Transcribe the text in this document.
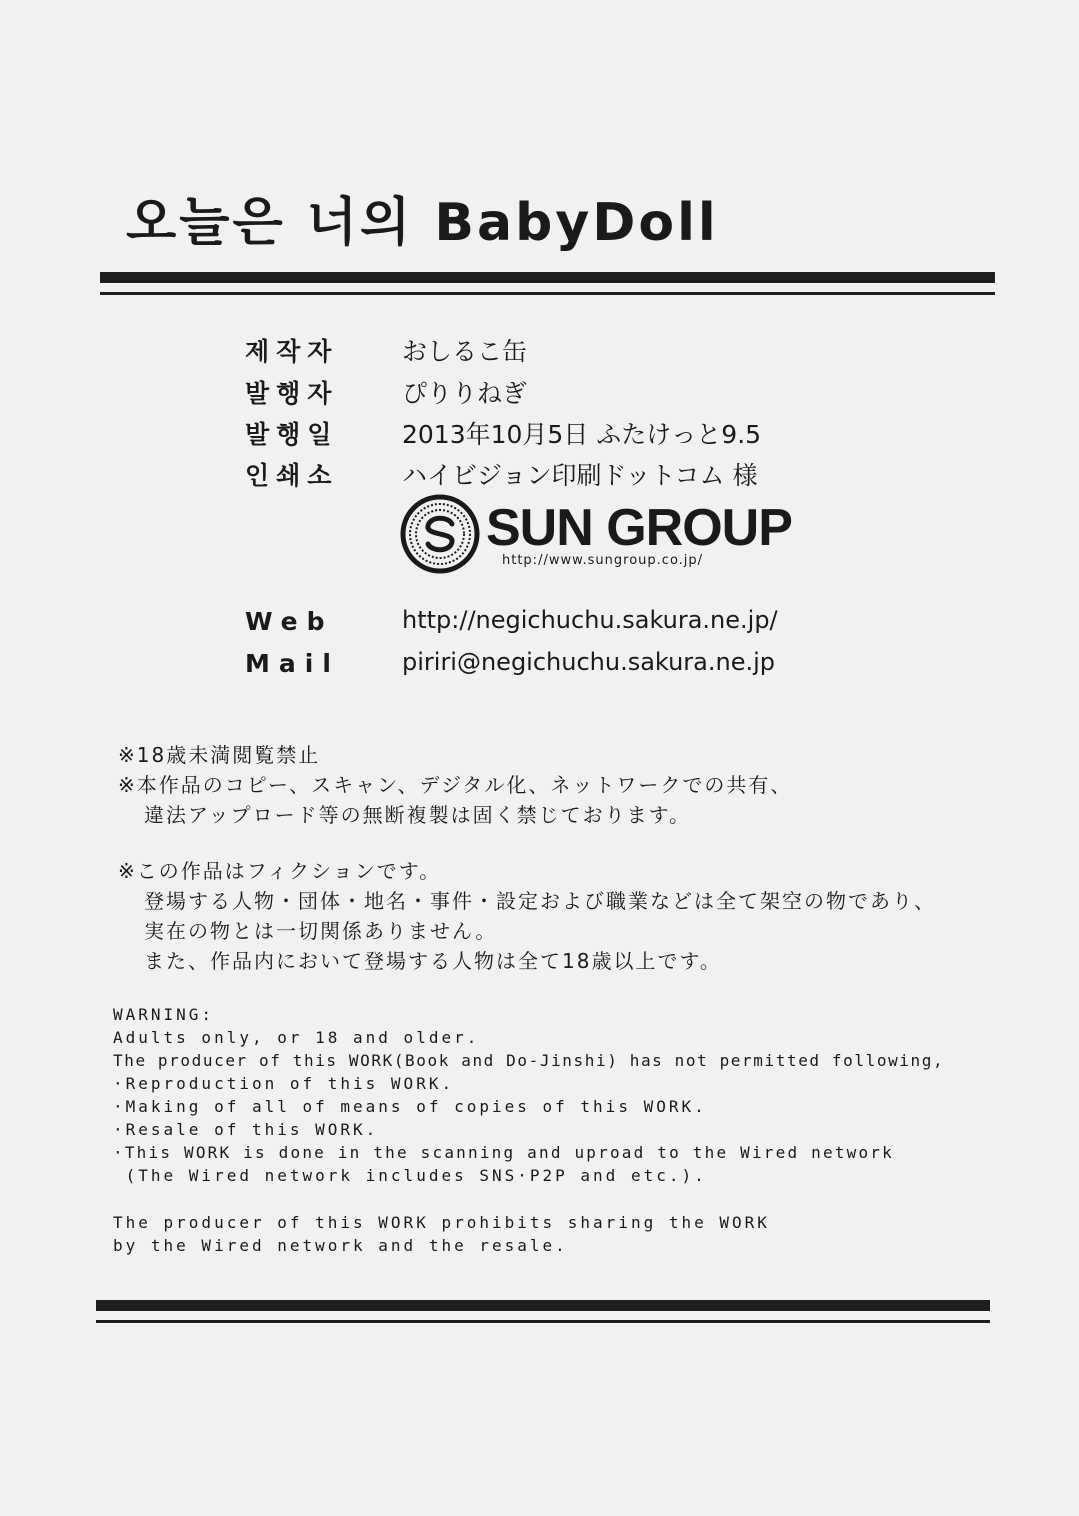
오늘은 너의 BabyDoll
제작자	おしるこ缶
발행자	ぴりりねぎ
발행일	2013年10月5日 ふたけっと9.5
인쇄소	ハイビジョン印刷ドットコム 様
SUN GROUP
http://www.sungroup.co.jp/
Web	http://negichuchu.sakura.ne.jp/
Mail	piriri@negichuchu.sakura.ne.jp
※18歳未満閲覧禁止
※本作品のコピー、スキャン、デジタル化、ネットワークでの共有、
違法アップロード等の無断複製は固く禁じております。
※この作品はフィクションです。
登場する人物・団体・地名・事件・設定および職業などは全て架空の物であり、
実在の物とは一切関係ありません。
また、作品内において登場する人物は全て18歳以上です。
WARNING:
Adults only, or 18 and older.
The producer of this WORK(Book and Do-Jinshi) has not permitted following,
·Reproduction of this WORK.
·Making of all of means of copies of this WORK.
·Resale of this WORK.
·This WORK is done in the scanning and uproad to the Wired network
(The Wired network includes SNS·P2P and etc.).
The producer of this WORK prohibits sharing the WORK
by the Wired network and the resale.
